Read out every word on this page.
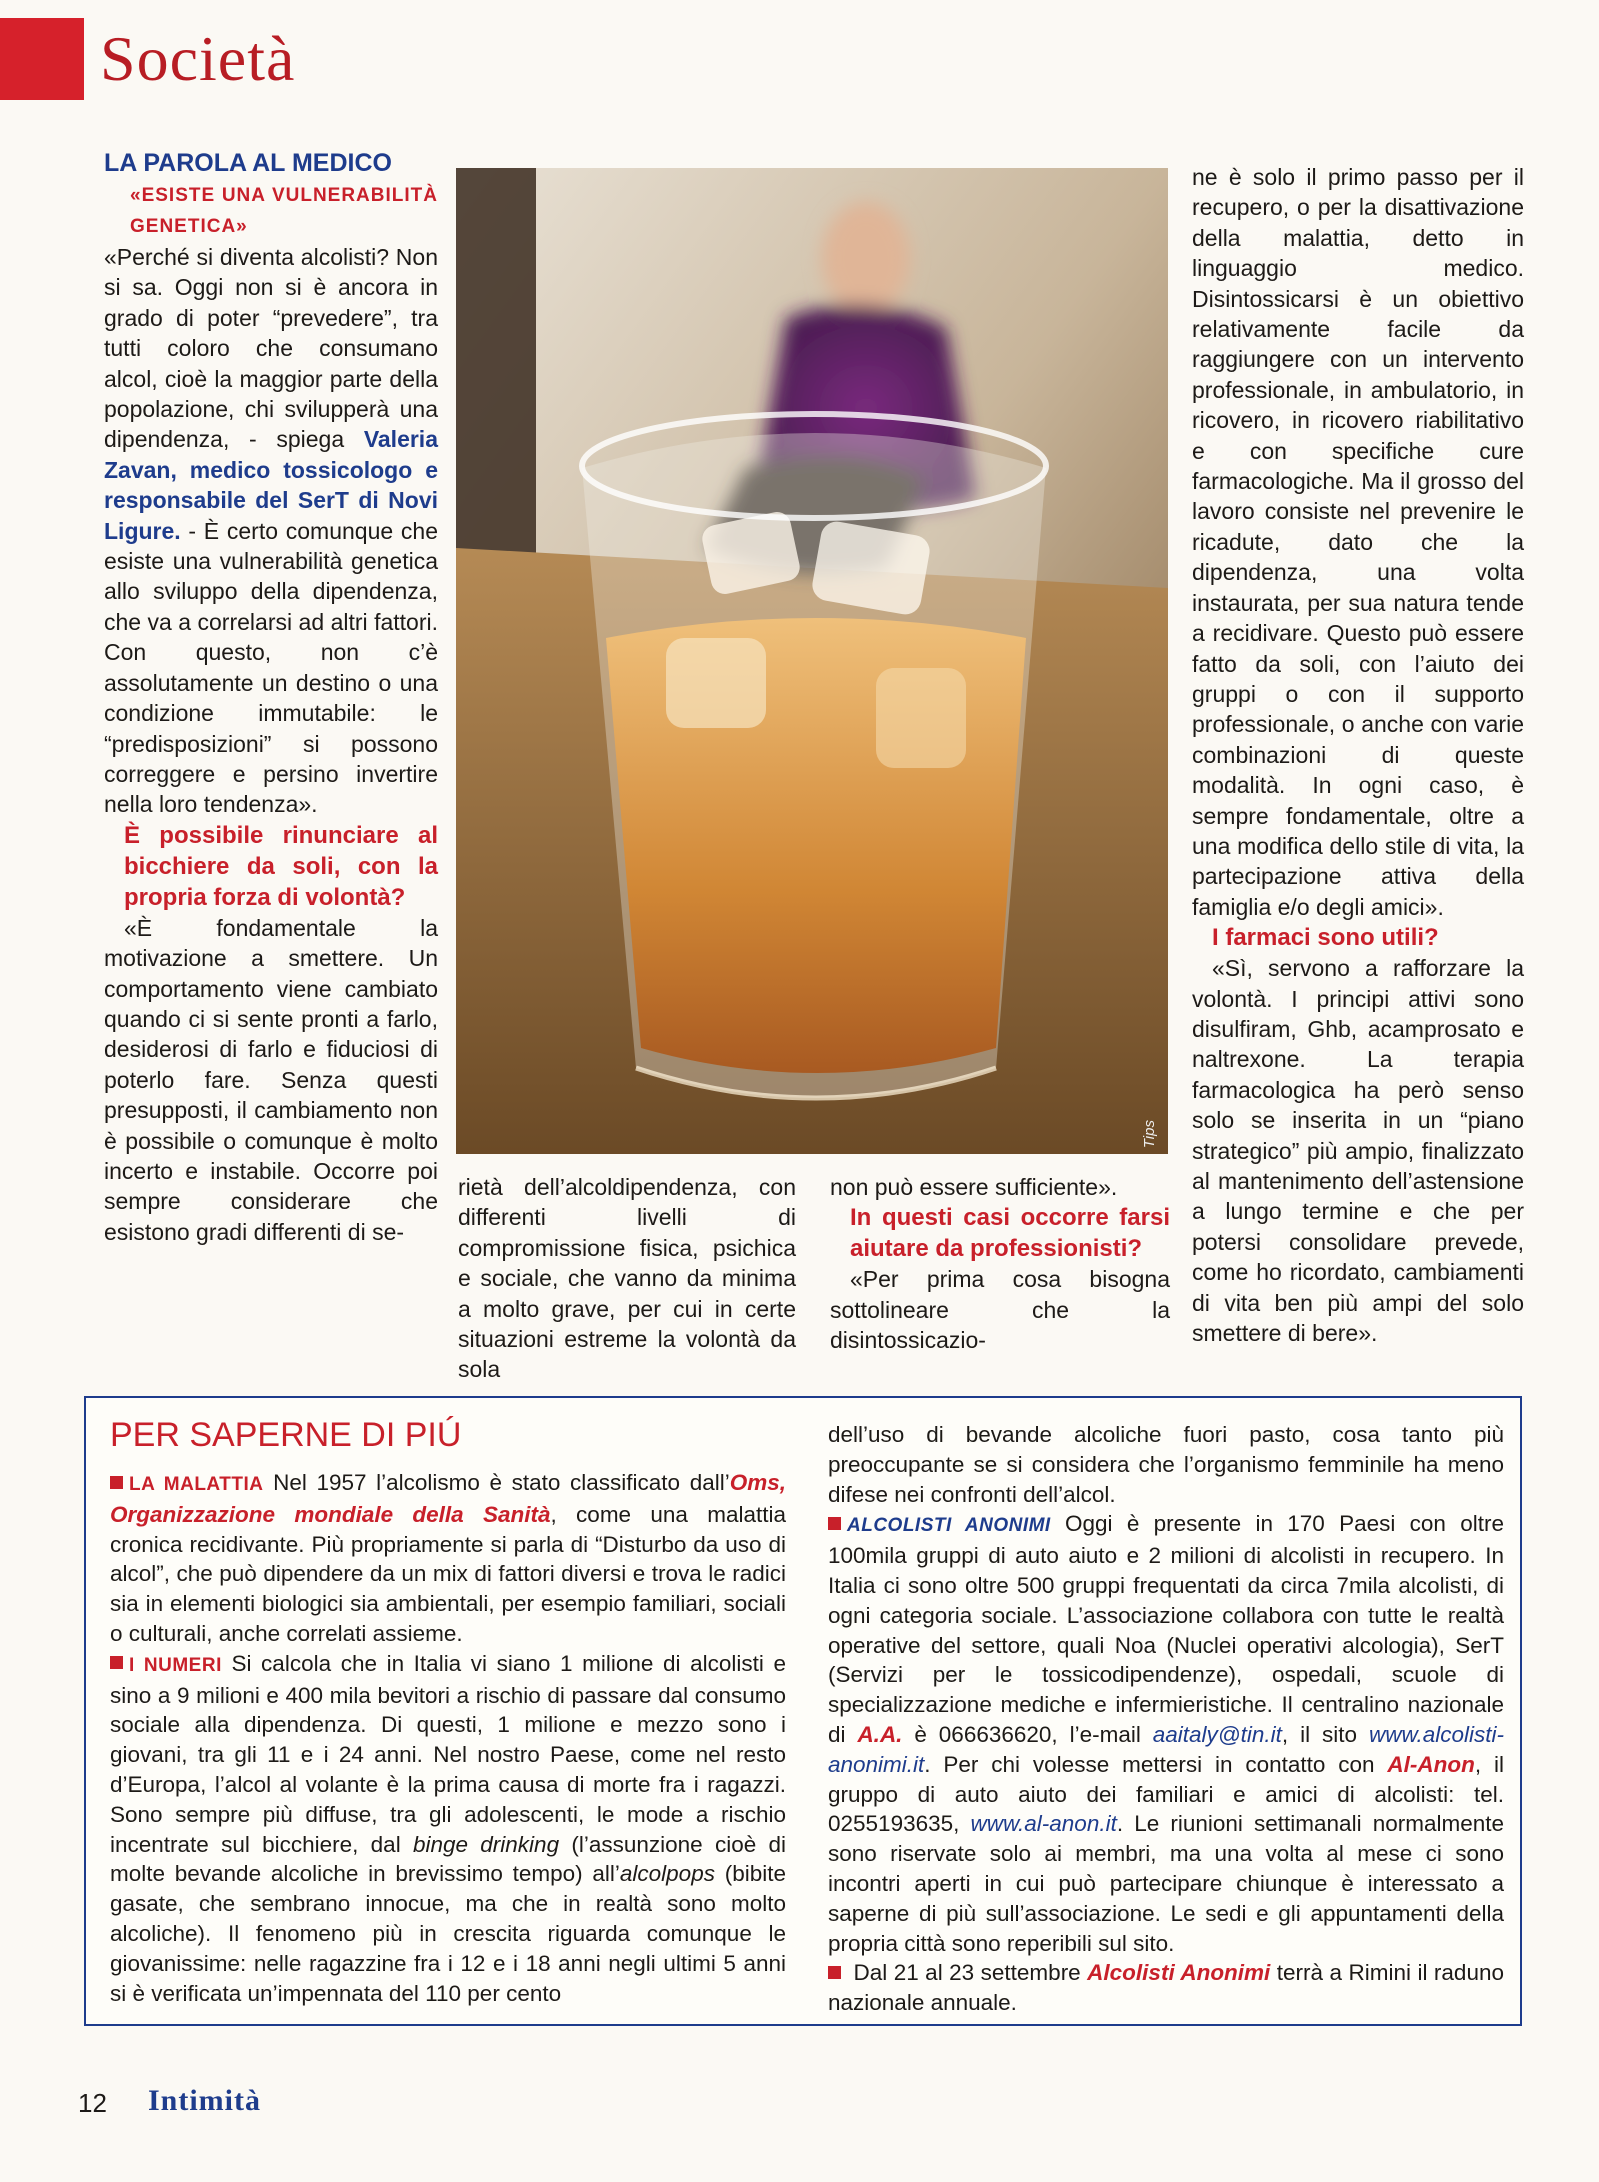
Società

LA PAROLA AL MEDICO

«ESISTE UNA VULNERABILITÀ GENETICA»

«Perché si diventa alcolisti? Non si sa. Oggi non si è ancora in grado di poter “prevedere”, tra tutti coloro che consumano alcol, cioè la maggior parte della popolazione, chi svilupperà una dipendenza, - spiega Valeria Zavan, medico tossicologo e responsabile del SerT di Novi Ligure. - È certo comunque che esiste una vulnerabilità genetica allo sviluppo della dipendenza, che va a correlarsi ad altri fattori. Con questo, non c’è assolutamente un destino o una condizione immutabile: le “predisposizioni” si possono correggere e persino invertire nella loro tendenza».

È possibile rinunciare al bicchiere da soli, con la propria forza di volontà?

«È fondamentale la motivazione a smettere. Un comportamento viene cambiato quando ci si sente pronti a farlo, desiderosi di farlo e fiduciosi di poterlo fare. Senza questi presupposti, il cambiamento non è possibile o comunque è molto incerto e instabile. Occorre poi sempre considerare che esistono gradi differenti di se-

Tips

rietà dell’alcoldipendenza, con differenti livelli di compromissione fisica, psichica e sociale, che vanno da minima a molto grave, per cui in certe situazioni estreme la volontà da sola

non può essere sufficiente».

In questi casi occorre farsi aiutare da professionisti?

«Per prima cosa bisogna sottolineare che la disintossicazio-

ne è solo il primo passo per il recupero, o per la disattivazione della malattia, detto in linguaggio medico. Disintossicarsi è un obiettivo relativamente facile da raggiungere con un intervento professionale, in ambulatorio, in ricovero, in ricovero riabilitativo e con specifiche cure farmacologiche. Ma il grosso del lavoro consiste nel prevenire le ricadute, dato che la dipendenza, una volta instaurata, per sua natura tende a recidivare. Questo può essere fatto da soli, con l’aiuto dei gruppi o con il supporto professionale, o anche con varie combinazioni di queste modalità. In ogni caso, è sempre fondamentale, oltre a una modifica dello stile di vita, la partecipazione attiva della famiglia e/o degli amici».

I farmaci sono utili?

«Sì, servono a rafforzare la volontà. I principi attivi sono disulfiram, Ghb, acamprosato e naltrexone. La terapia farmacologica ha però senso solo se inserita in un “piano strategico” più ampio, finalizzato al mantenimento dell’astensione a lungo termine e che per potersi consolidare prevede, come ho ricordato, cambiamenti di vita ben più ampi del solo smettere di bere».

PER SAPERNE DI PIÚ

LA MALATTIA Nel 1957 l’alcolismo è stato classificato dall’Oms, Organizzazione mondiale della Sanità, come una malattia cronica recidivante. Più propriamente si parla di “Disturbo da uso di alcol”, che può dipendere da un mix di fattori diversi e trova le radici sia in elementi biologici sia ambientali, per esempio familiari, sociali o culturali, anche correlati assieme.

I NUMERI Si calcola che in Italia vi siano 1 milione di alcolisti e sino a 9 milioni e 400 mila bevitori a rischio di passare dal consumo sociale alla dipendenza. Di questi, 1 milione e mezzo sono i giovani, tra gli 11 e i 24 anni. Nel nostro Paese, come nel resto d’Europa, l’alcol al volante è la prima causa di morte fra i ragazzi. Sono sempre più diffuse, tra gli adolescenti, le mode a rischio incentrate sul bicchiere, dal binge drinking (l’assunzione cioè di molte bevande alcoliche in brevissimo tempo) all’alcolpops (bibite gasate, che sembrano innocue, ma che in realtà sono molto alcoliche). Il fenomeno più in crescita riguarda comunque le giovanissime: nelle ragazzine fra i 12 e i 18 anni negli ultimi 5 anni si è verificata un’impennata del 110 per cento

dell’uso di bevande alcoliche fuori pasto, cosa tanto più preoccupante se si considera che l’organismo femminile ha meno difese nei confronti dell’alcol.

ALCOLISTI ANONIMI Oggi è presente in 170 Paesi con oltre 100mila gruppi di auto aiuto e 2 milioni di alcolisti in recupero. In Italia ci sono oltre 500 gruppi frequentati da circa 7mila alcolisti, di ogni categoria sociale. L’associazione collabora con tutte le realtà operative del settore, quali Noa (Nuclei operativi alcologia), SerT (Servizi per le tossicodipendenze), ospedali, scuole di specializzazione mediche e infermieristiche. Il centralino nazionale di A.A. è 066636620, l’e-mail aaitaly@tin.it, il sito www.alcolisti-anonimi.it. Per chi volesse mettersi in contatto con Al-Anon, il gruppo di auto aiuto dei familiari e amici di alcolisti: tel. 0255193635, www.al-anon.it. Le riunioni settimanali normalmente sono riservate solo ai membri, ma una volta al mese ci sono incontri aperti in cui può partecipare chiunque è interessato a saperne di più sull’associazione. Le sedi e gli appuntamenti della propria città sono reperibili sul sito.

Dal 21 al 23 settembre Alcolisti Anonimi terrà a Rimini il raduno nazionale annuale.

12 Intimità
